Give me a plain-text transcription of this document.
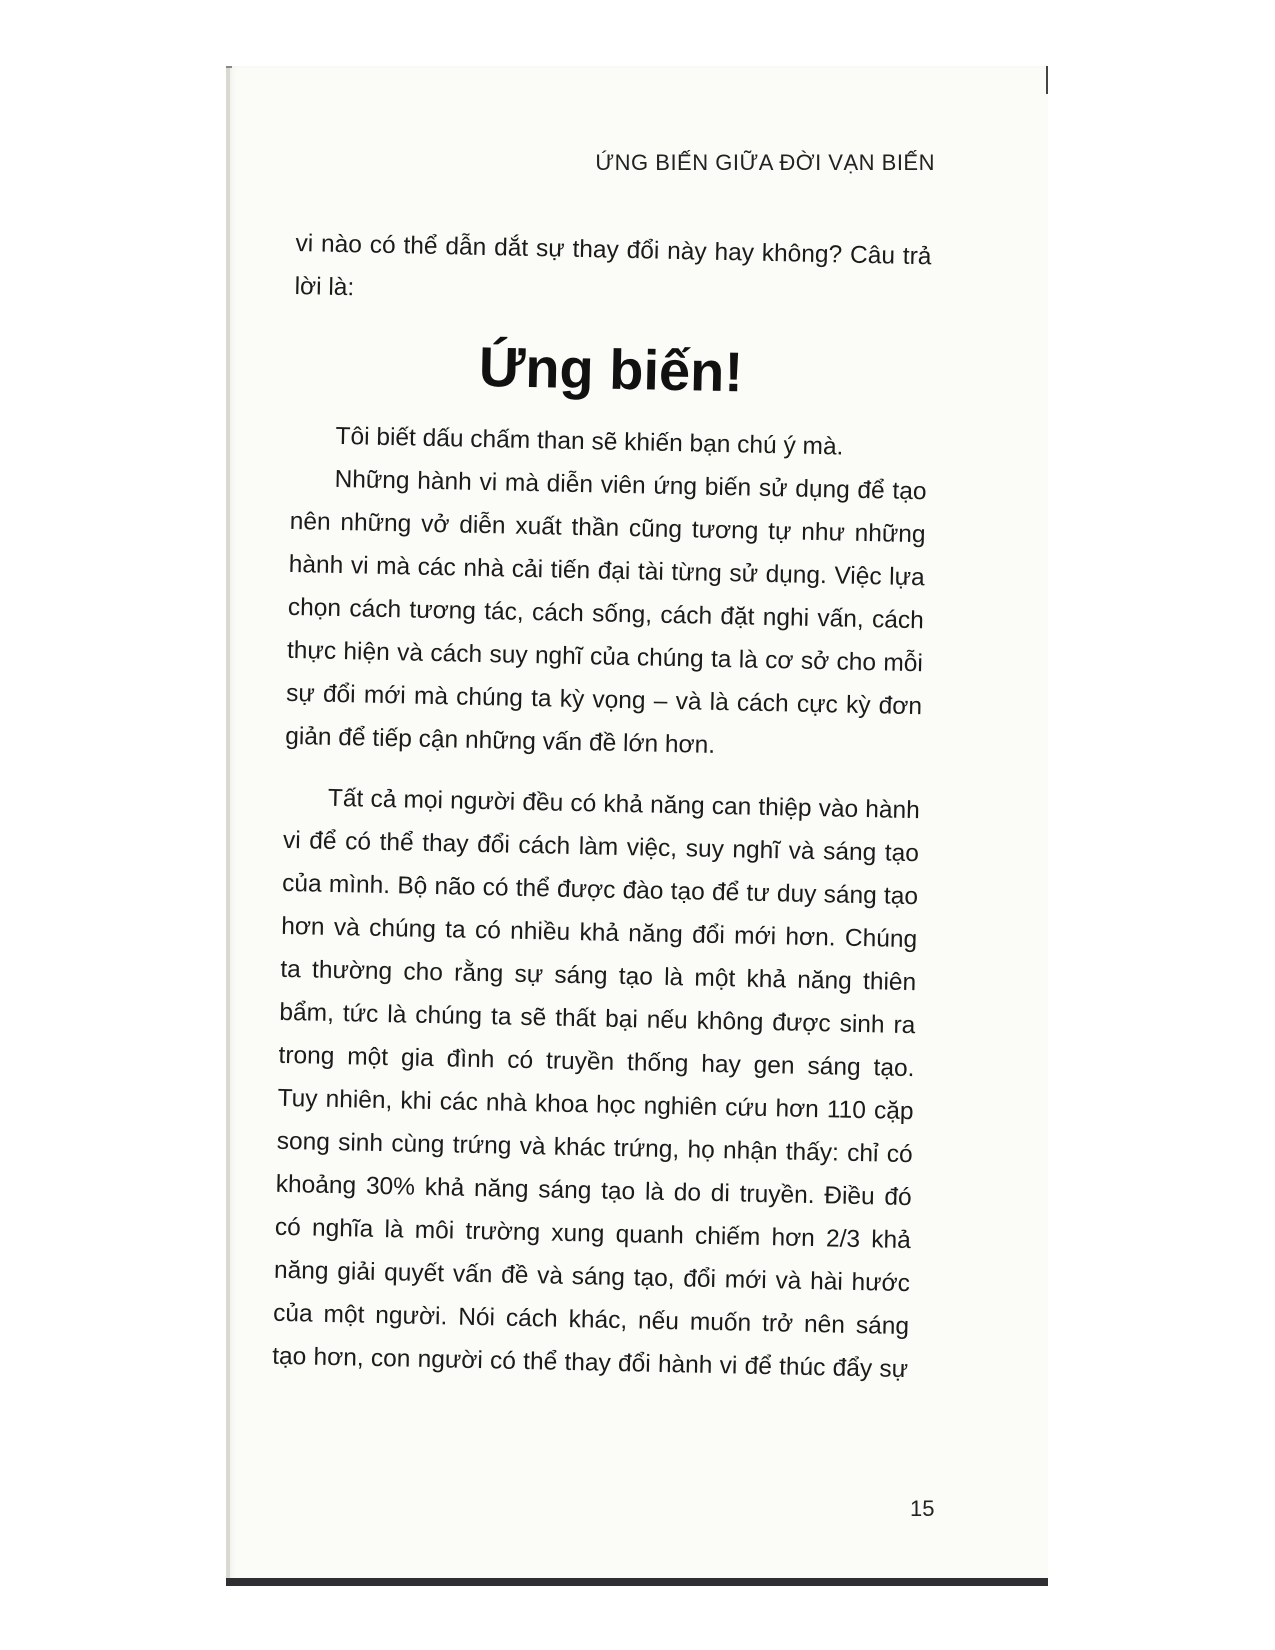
ỨNG BIẾN GIỮA ĐỜI VẠN BIẾN
vi nào có thể dẫn dắt sự thay đổi này hay không? Câu trả
lời là:
Ứng biến!
Tôi biết dấu chấm than sẽ khiến bạn chú ý mà.
Những hành vi mà diễn viên ứng biến sử dụng để tạo
nên những vở diễn xuất thần cũng tương tự như những
hành vi mà các nhà cải tiến đại tài từng sử dụng. Việc lựa
chọn cách tương tác, cách sống, cách đặt nghi vấn, cách
thực hiện và cách suy nghĩ của chúng ta là cơ sở cho mỗi
sự đổi mới mà chúng ta kỳ vọng – và là cách cực kỳ đơn
giản để tiếp cận những vấn đề lớn hơn.
Tất cả mọi người đều có khả năng can thiệp vào hành
vi để có thể thay đổi cách làm việc, suy nghĩ và sáng tạo
của mình. Bộ não có thể được đào tạo để tư duy sáng tạo
hơn và chúng ta có nhiều khả năng đổi mới hơn. Chúng
ta thường cho rằng sự sáng tạo là một khả năng thiên
bẩm, tức là chúng ta sẽ thất bại nếu không được sinh ra
trong một gia đình có truyền thống hay gen sáng tạo.
Tuy nhiên, khi các nhà khoa học nghiên cứu hơn 110 cặp
song sinh cùng trứng và khác trứng, họ nhận thấy: chỉ có
khoảng 30% khả năng sáng tạo là do di truyền. Điều đó
có nghĩa là môi trường xung quanh chiếm hơn 2/3 khả
năng giải quyết vấn đề và sáng tạo, đổi mới và hài hước
của một người. Nói cách khác, nếu muốn trở nên sáng
tạo hơn, con người có thể thay đổi hành vi để thúc đẩy sự
15
